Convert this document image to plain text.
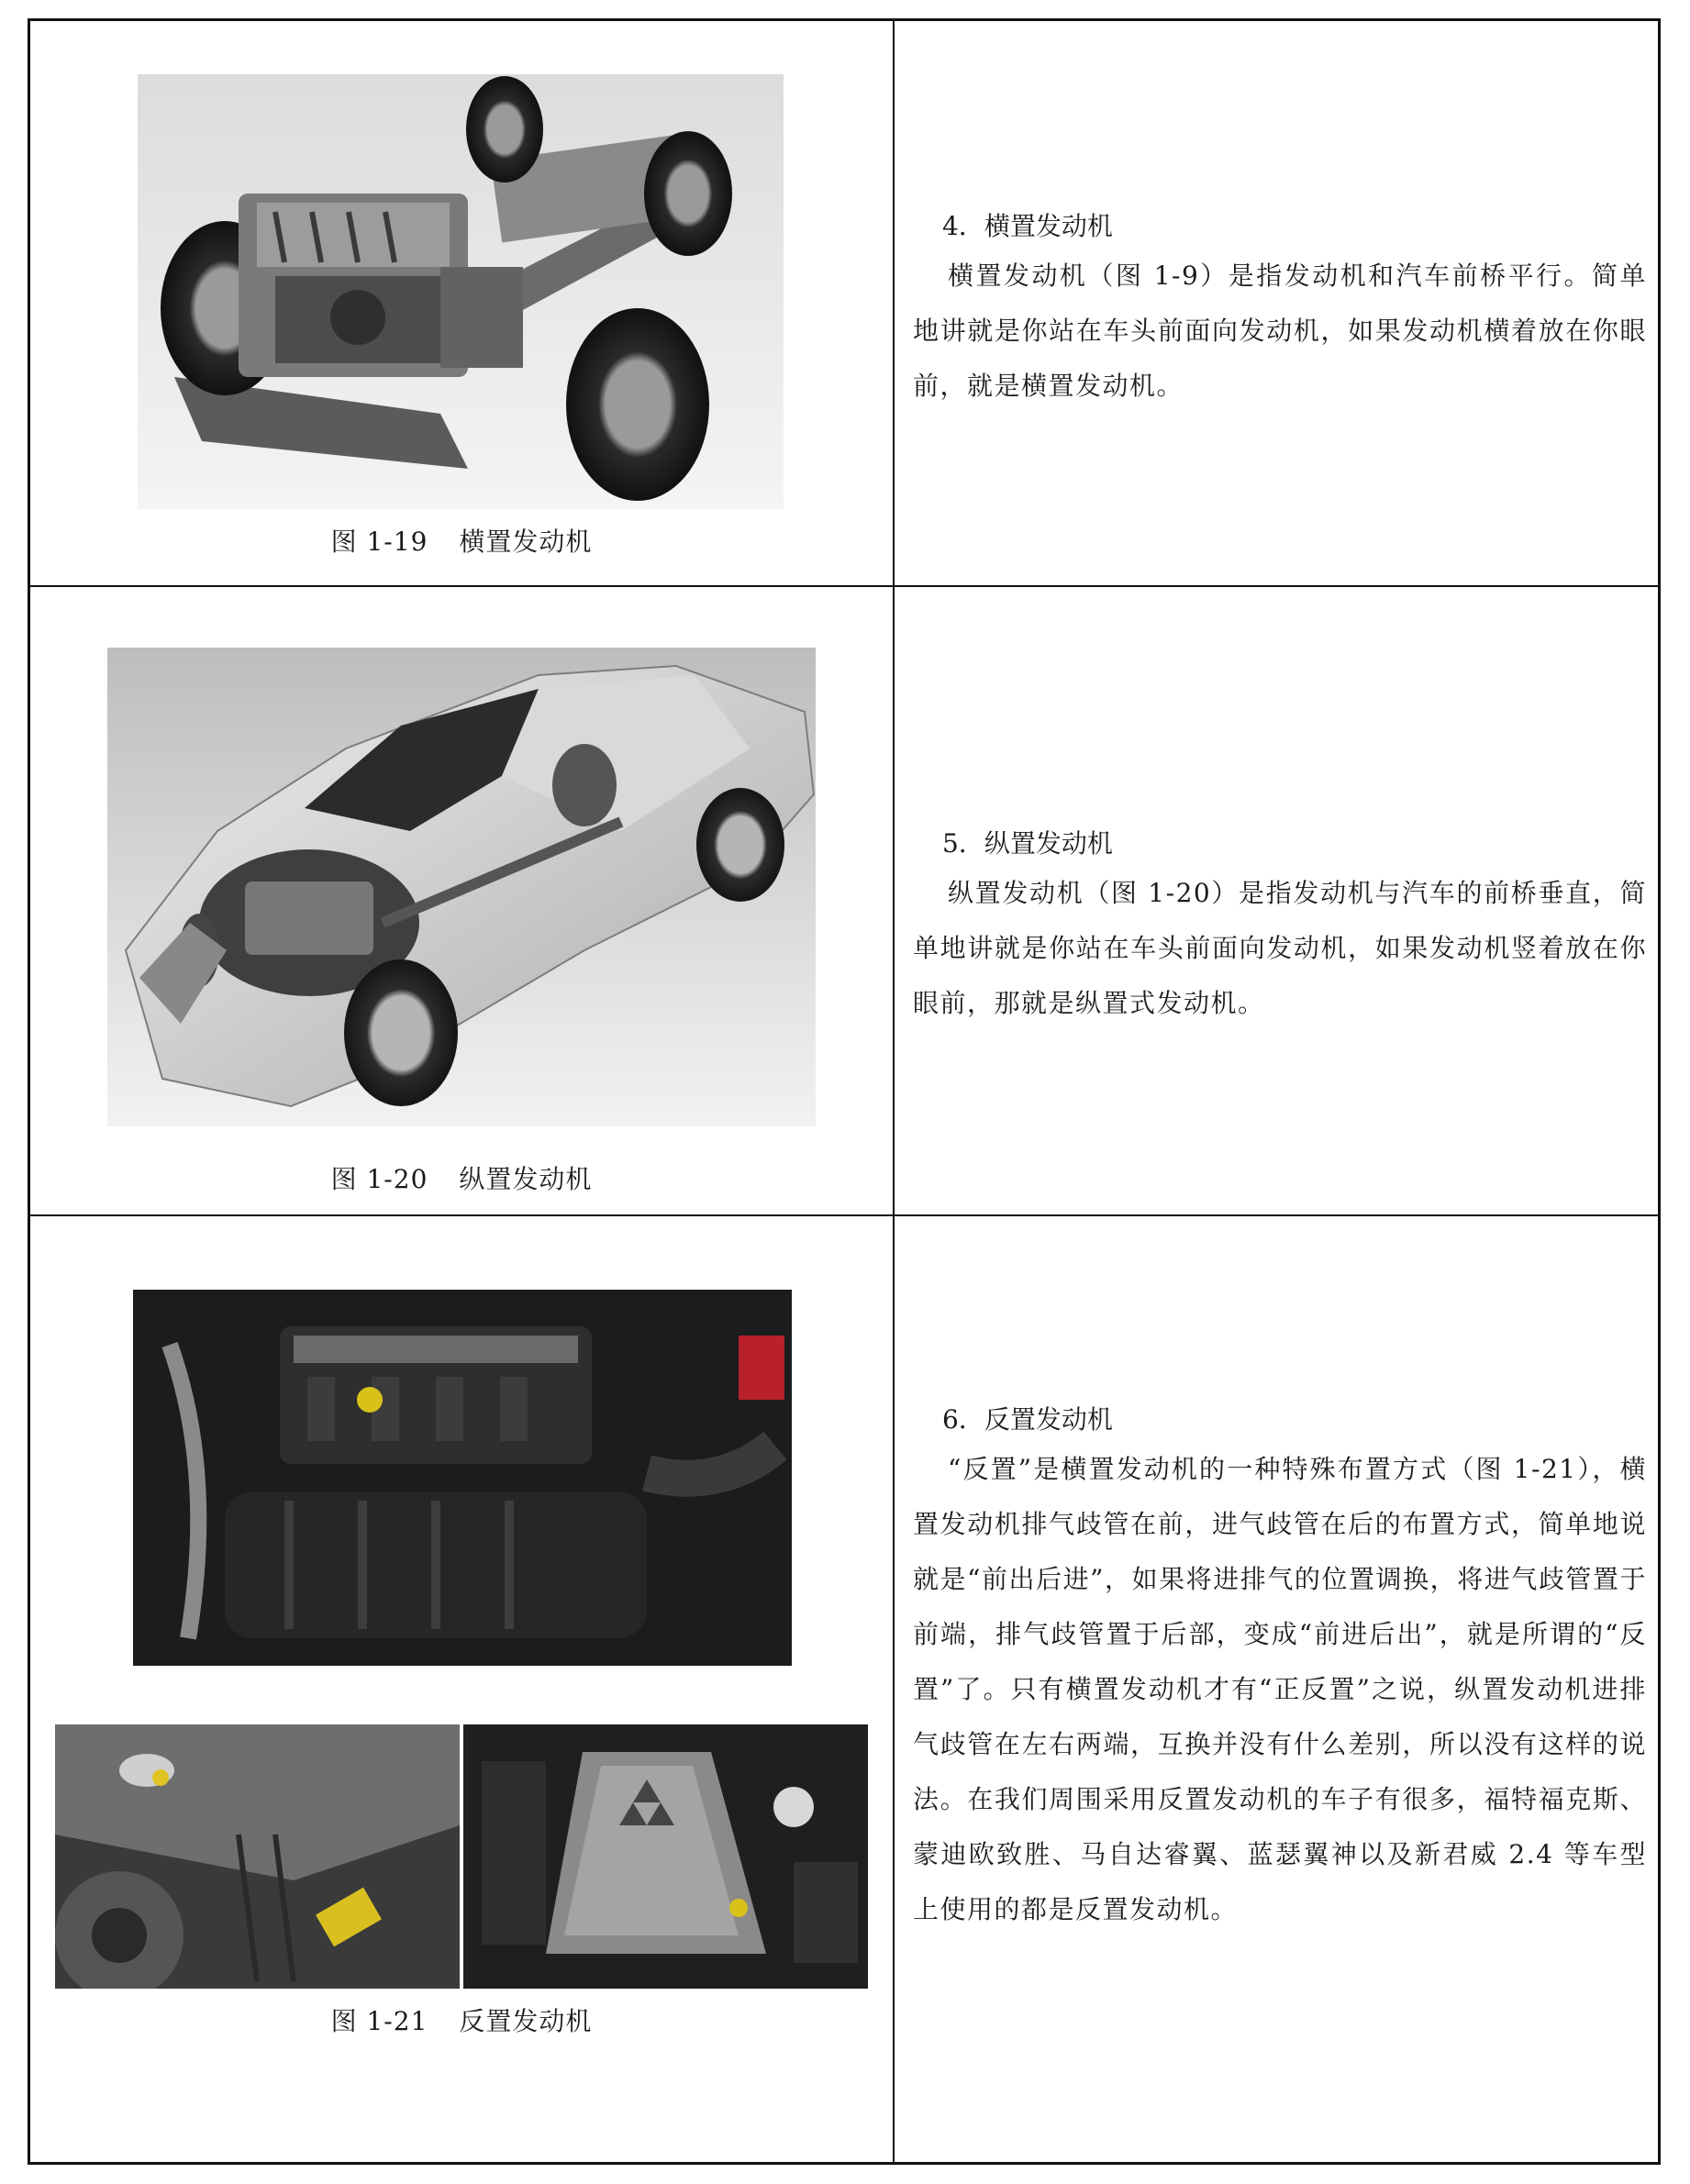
图 1-19 横置发动机
4．横置发动机
横置发动机（图 1-9）是指发动机和汽车前桥平行。简单地讲就是你站在车头前面向发动机，如果发动机横着放在你眼前，就是横置发动机。
图 1-20 纵置发动机
5．纵置发动机
纵置发动机（图 1-20）是指发动机与汽车的前桥垂直，简单地讲就是你站在车头前面向发动机，如果发动机竖着放在你眼前，那就是纵置式发动机。
图 1-21 反置发动机
6．反置发动机
“反置”是横置发动机的一种特殊布置方式（图 1-21），横置发动机排气歧管在前，进气歧管在后的布置方式，简单地说就是“前出后进”，如果将进排气的位置调换，将进气歧管置于前端，排气歧管置于后部，变成“前进后出”，就是所谓的“反置”了。只有横置发动机才有“正反置”之说，纵置发动机进排气歧管在左右两端，互换并没有什么差别，所以没有这样的说法。在我们周围采用反置发动机的车子有很多，福特福克斯、蒙迪欧致胜、马自达睿翼、蓝瑟翼神以及新君威 2.4 等车型上使用的都是反置发动机。
